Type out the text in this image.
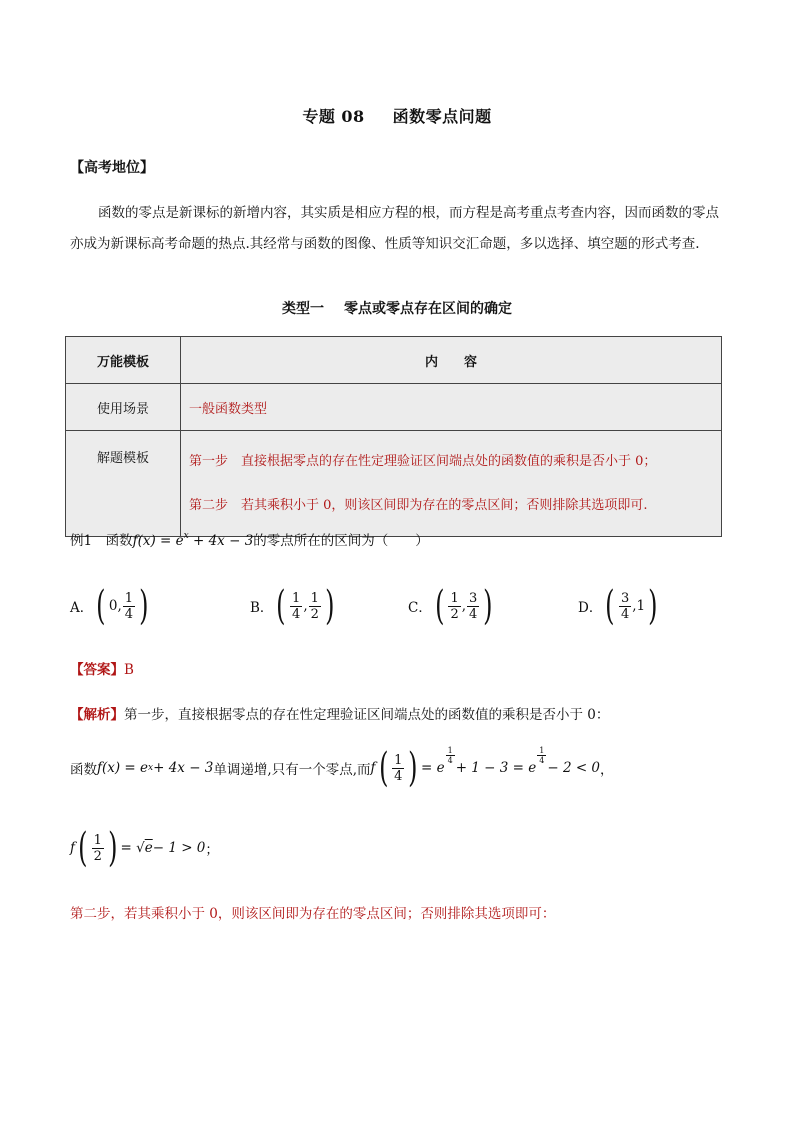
专题 08 函数零点问题
【高考地位】
函数的零点是新课标的新增内容，其实质是相应方程的根，而方程是高考重点考查内容，因而函数的零点亦成为新课标高考命题的热点.其经常与函数的图像、性质等知识交汇命题，多以选择、填空题的形式考查.
类型一 零点或零点存在区间的确定
万能模板	内　　容
使用场景	一般函数类型
解题模板	第一步　直接根据零点的存在性定理验证区间端点处的函数值的乘积是否小于 0；
第二步　若其乘积小于 0，则该区间即为存在的零点区间；否则排除其选项即可.
例1　函数$f(x) = e^x + 4x - 3$的零点所在的区间为（　　）
A． ( 0, $\frac{1}{4}$ )	B． ( $\frac{1}{4}$ , $\frac{1}{2}$ )	C． ( $\frac{1}{2}$ , $\frac{3}{4}$ )	D． ( $\frac{3}{4} ,1$ )
【答案】B
【解析】第一步，直接根据零点的存在性定理验证区间端点处的函数值的乘积是否小于 0：
函数 f(x) = e x + 4x − 3 单调递增,只有一个零点,而 f ( $\frac{1}{4}$ ) = e
$\frac{1}{4}$
+ 1 − 3 = e
$\frac{1}{4}$
− 2 < 0 ，
f ( $\frac{1}{2}$ ) = √ e − 1 > 0 ；
第二步，若其乘积小于 0，则该区间即为存在的零点区间；否则排除其选项即可：
